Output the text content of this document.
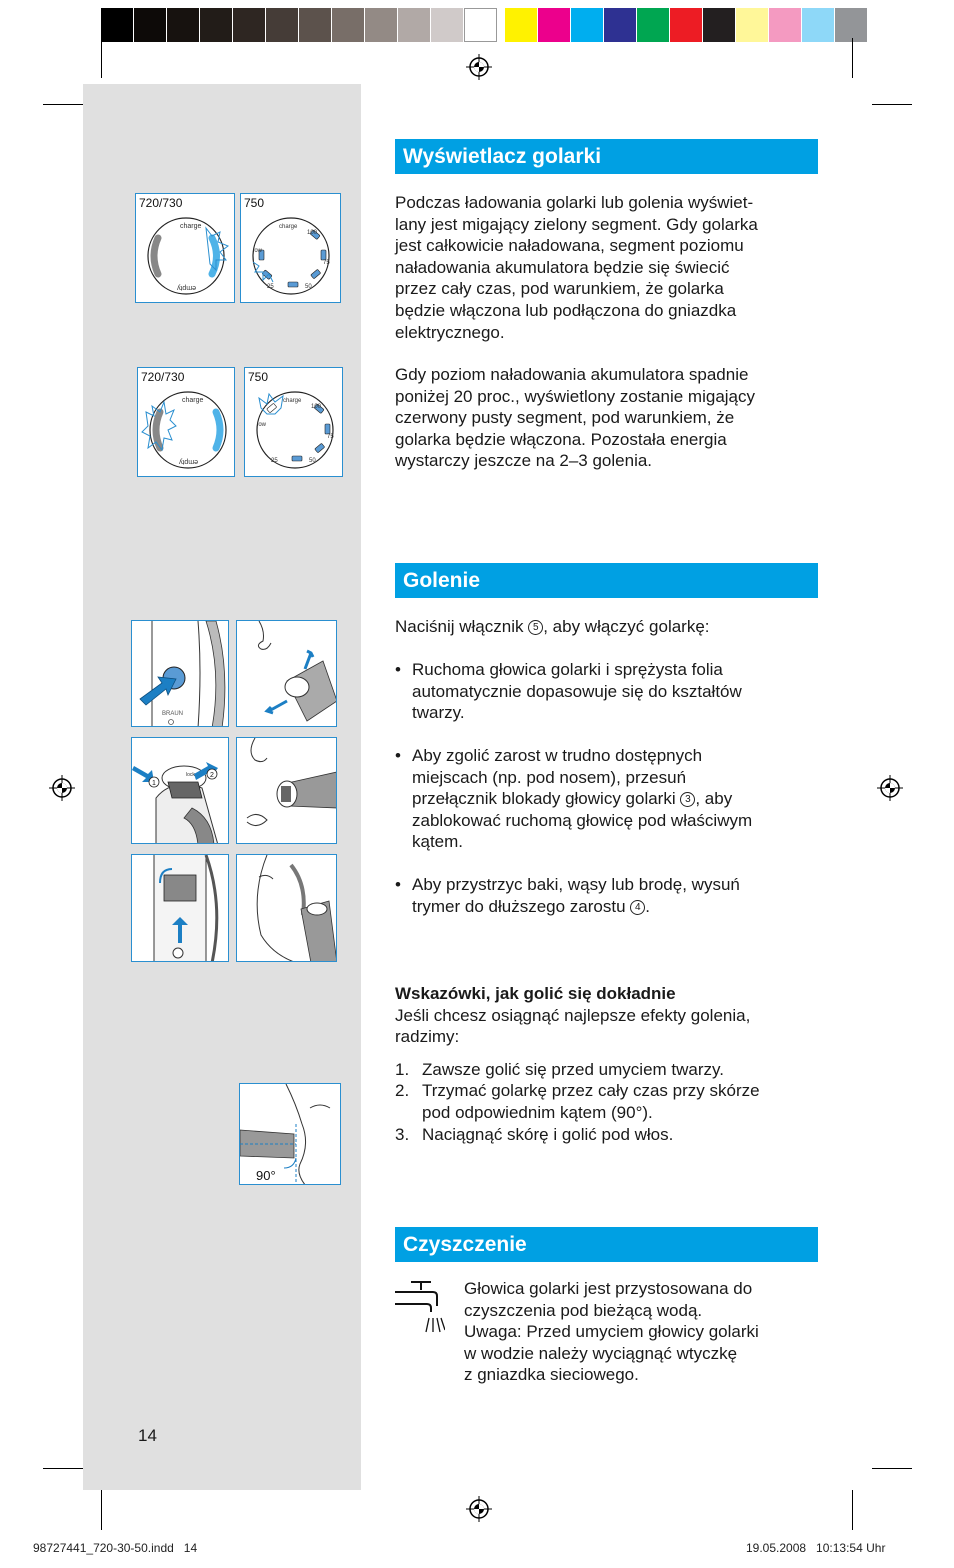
720/730
charge
empty
750
charge
100
75
50
25
low
720/730
charge
empty
750
charge
100
75
50
25
low
BRAUN
1
2
lock
90°
Wyświetlacz golarki

Podczas ładowania golarki lub golenia wyświet-

lany jest migający zielony segment. Gdy golarka

jest całkowicie naładowana, segment poziomu

naładowania akumulatora będzie się świecić

przez cały czas, pod warunkiem, że golarka

będzie włączona lub podłączona do gniazdka

elektrycznego.

Gdy poziom naładowania akumulatora spadnie

poniżej 20 proc., wyświetlony zostanie migający

czerwony pusty segment, pod warunkiem, że

golarka będzie włączona. Pozostała energia

wystarczy jeszcze na 2–3 golenia.

Golenie

Naciśnij włącznik 5 , aby włączyć golarkę:

• Ruchoma głowica golarki i sprężysta folia
automatycznie dopasowuje się do kształtów
twarzy.
• Aby zgolić zarost w trudno dostępnych
miejscach (np. pod nosem), przesuń
przełącznik blokady głowicy golarki 3 , aby
zablokować ruchomą głowicę pod właściwym
kątem.
• Aby przystrzyc baki, wąsy lub brodę, wysuń
trymer do dłuższego zarostu 4 .

Wskazówki, jak golić się dokładnie

Jeśli chcesz osiągnąć najlepsze efekty golenia,

radzimy:

1. Zawsze golić się przed umyciem twarzy.
2. Trzymać golarkę przez cały czas przy skórze
pod odpowiednim kątem (90°).
3. Naciągnąć skórę i golić pod włos.
Czyszczenie

Głowica golarki jest przystosowana do

czyszczenia pod bieżącą wodą.

Uwaga: Przed umyciem głowicy golarki

w wodzie należy wyciągnąć wtyczkę

z gniazdka sieciowego.

14
98727441_720-30-50.indd   14	19.05.2008   10:13:54 Uhr
